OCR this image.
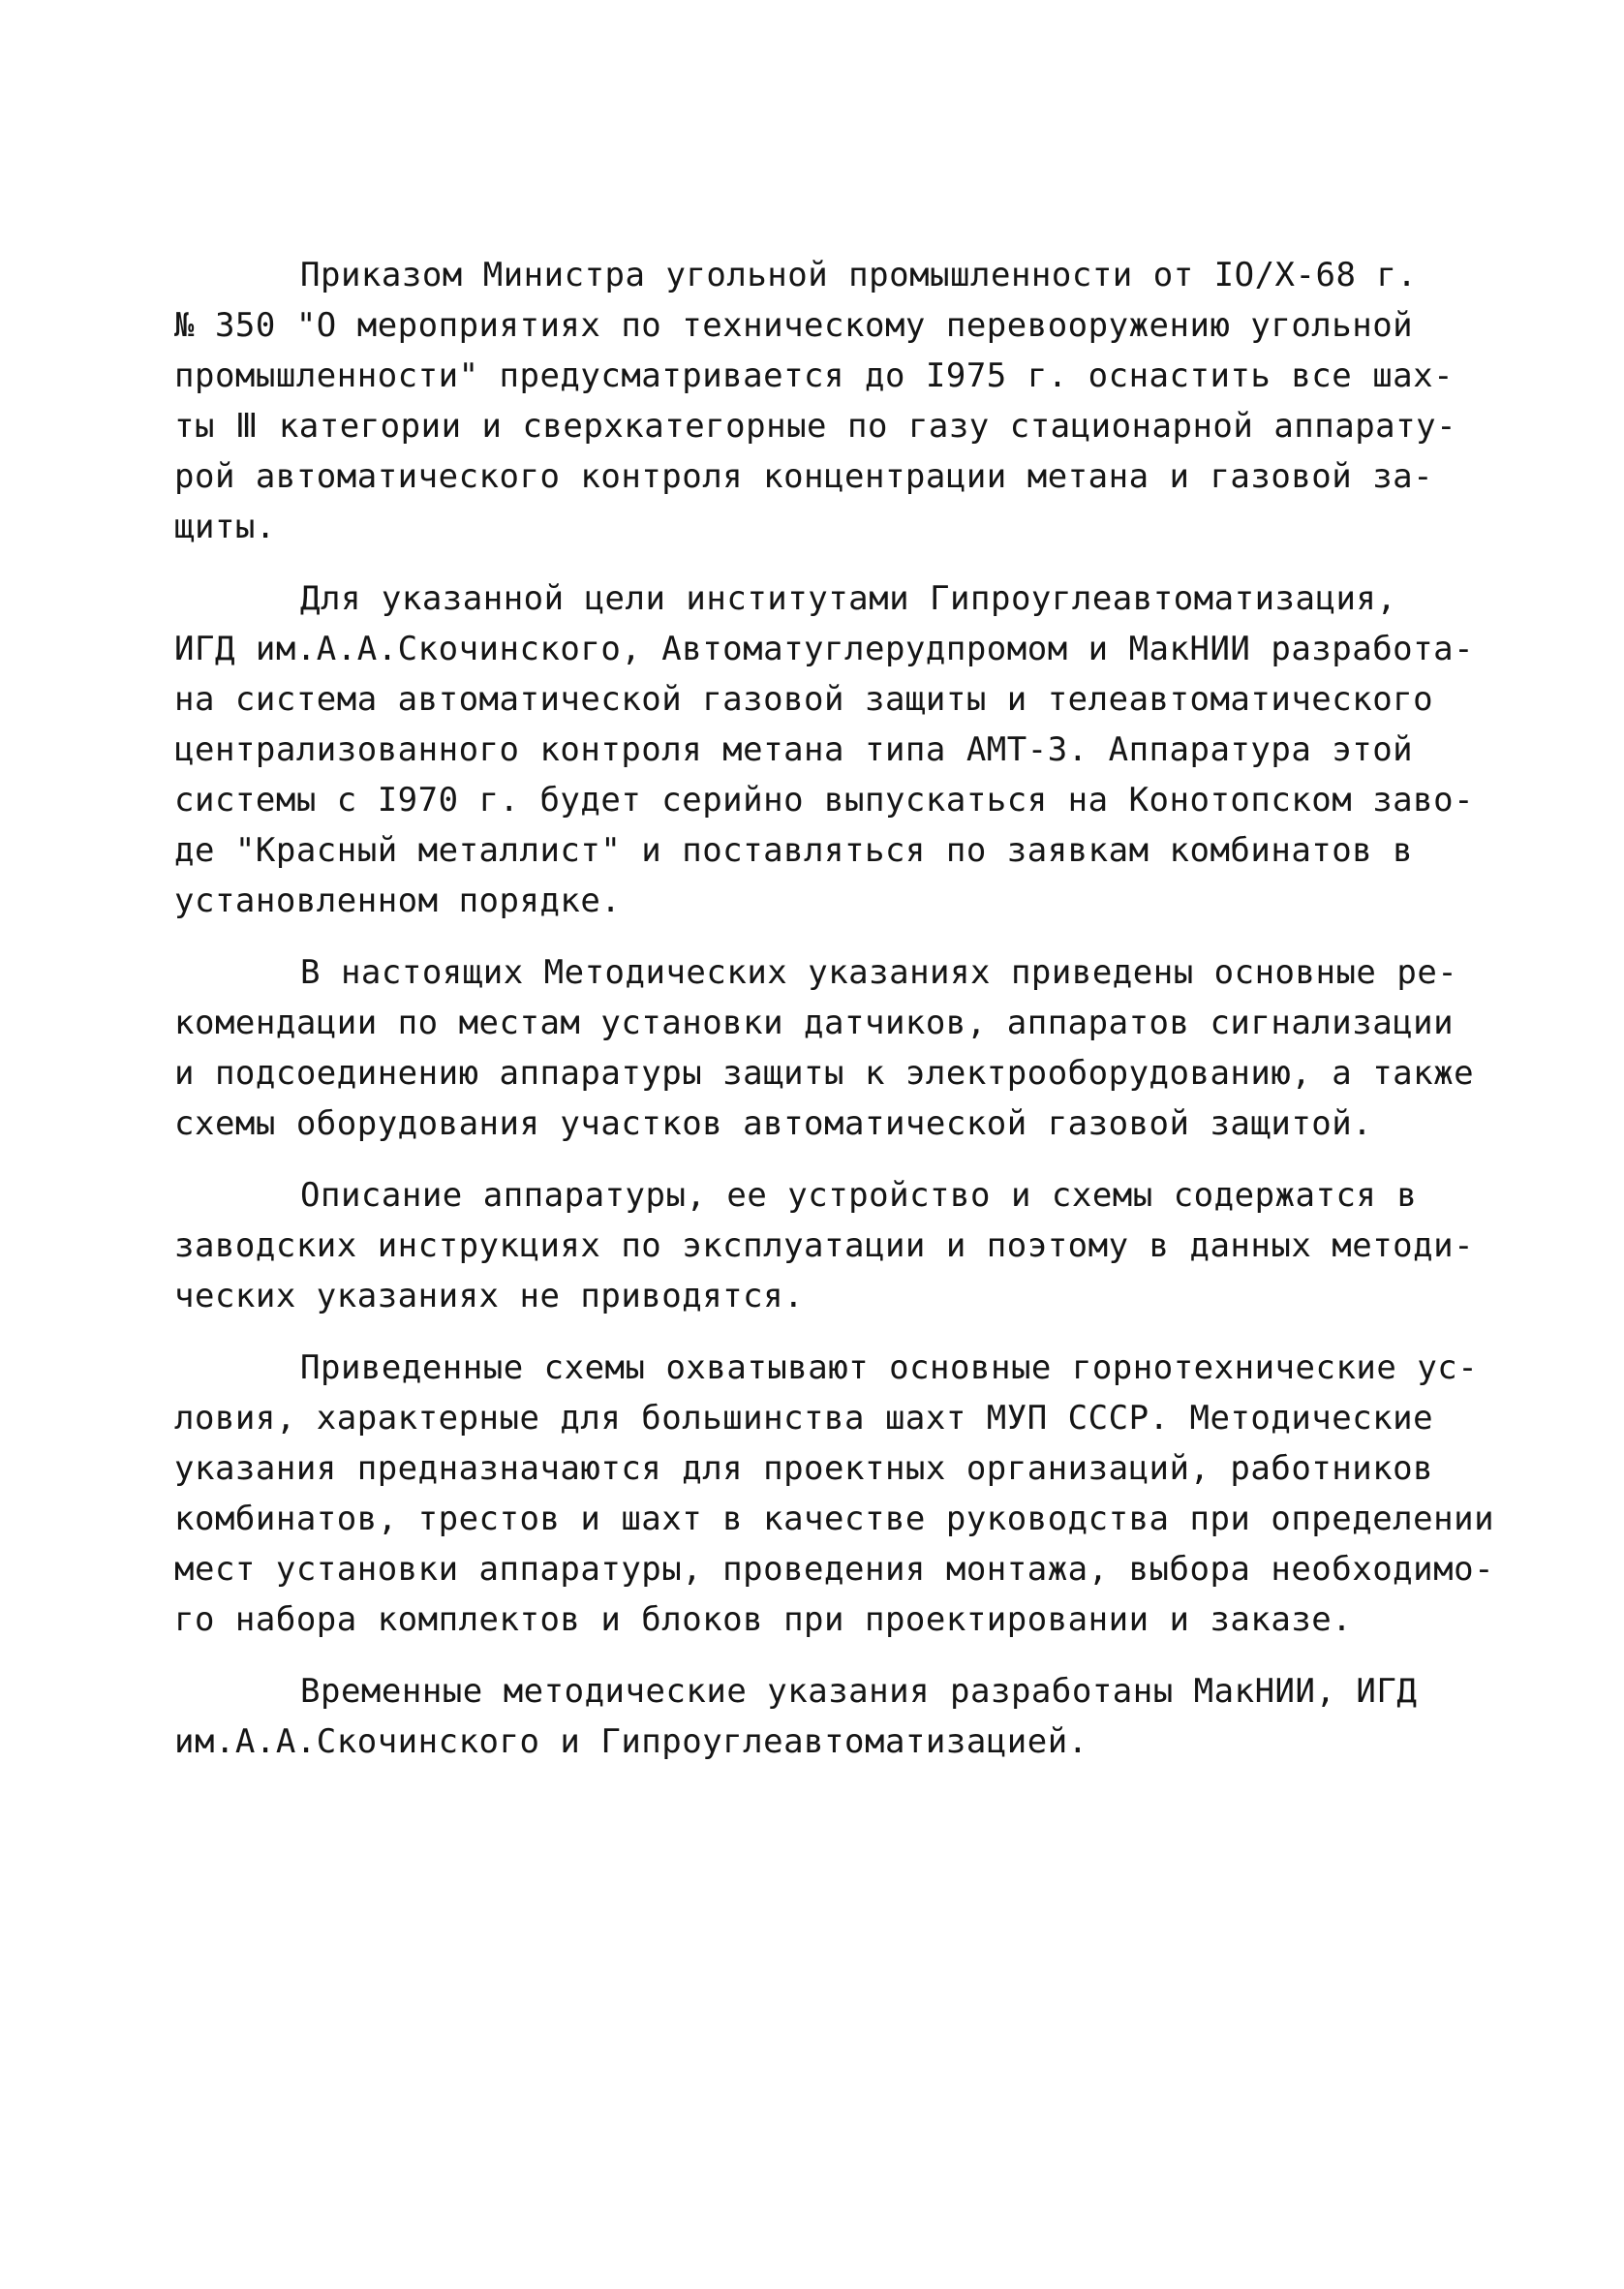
Приказом Министра угольной промышленности от IO/X-68 г.
№ 350 "О мероприятиях по техническому перевооружению угольной
промышленности" предусматривается до I975 г. оснастить все шах-
ты Ⅲ категории и сверхкатегорные по газу стационарной аппарату-
рой автоматического контроля концентрации метана и газовой за-
щиты.
Для указанной цели институтами Гипроуглеавтоматизация,
ИГД им.А.А.Скочинского, Автоматуглерудпромом и МакНИИ разработа-
на система автоматической газовой защиты и телеавтоматического
централизованного контроля метана типа АМТ-3. Аппаратура этой
системы с I970 г. будет серийно выпускаться на Конотопском заво-
де "Красный металлист" и поставляться по заявкам комбинатов в
установленном порядке.
В настоящих Методических указаниях приведены основные ре-
комендации по местам установки датчиков, аппаратов сигнализации
и подсоединению аппаратуры защиты к электрооборудованию, а также
схемы оборудования участков автоматической газовой защитой.
Описание аппаратуры, ее устройство и схемы содержатся в
заводских инструкциях по эксплуатации и поэтому в данных методи-
ческих указаниях не приводятся.
Приведенные схемы охватывают основные горнотехнические ус-
ловия, характерные для большинства шахт МУП СССР. Методические
указания предназначаются для проектных организаций, работников
комбинатов, трестов и шахт в качестве руководства при определении
мест установки аппаратуры, проведения монтажа, выбора необходимо-
го набора комплектов и блоков при проектировании и заказе.
Временные методические указания разработаны МакНИИ, ИГД
им.А.А.Скочинского и Гипроуглеавтоматизацией.
